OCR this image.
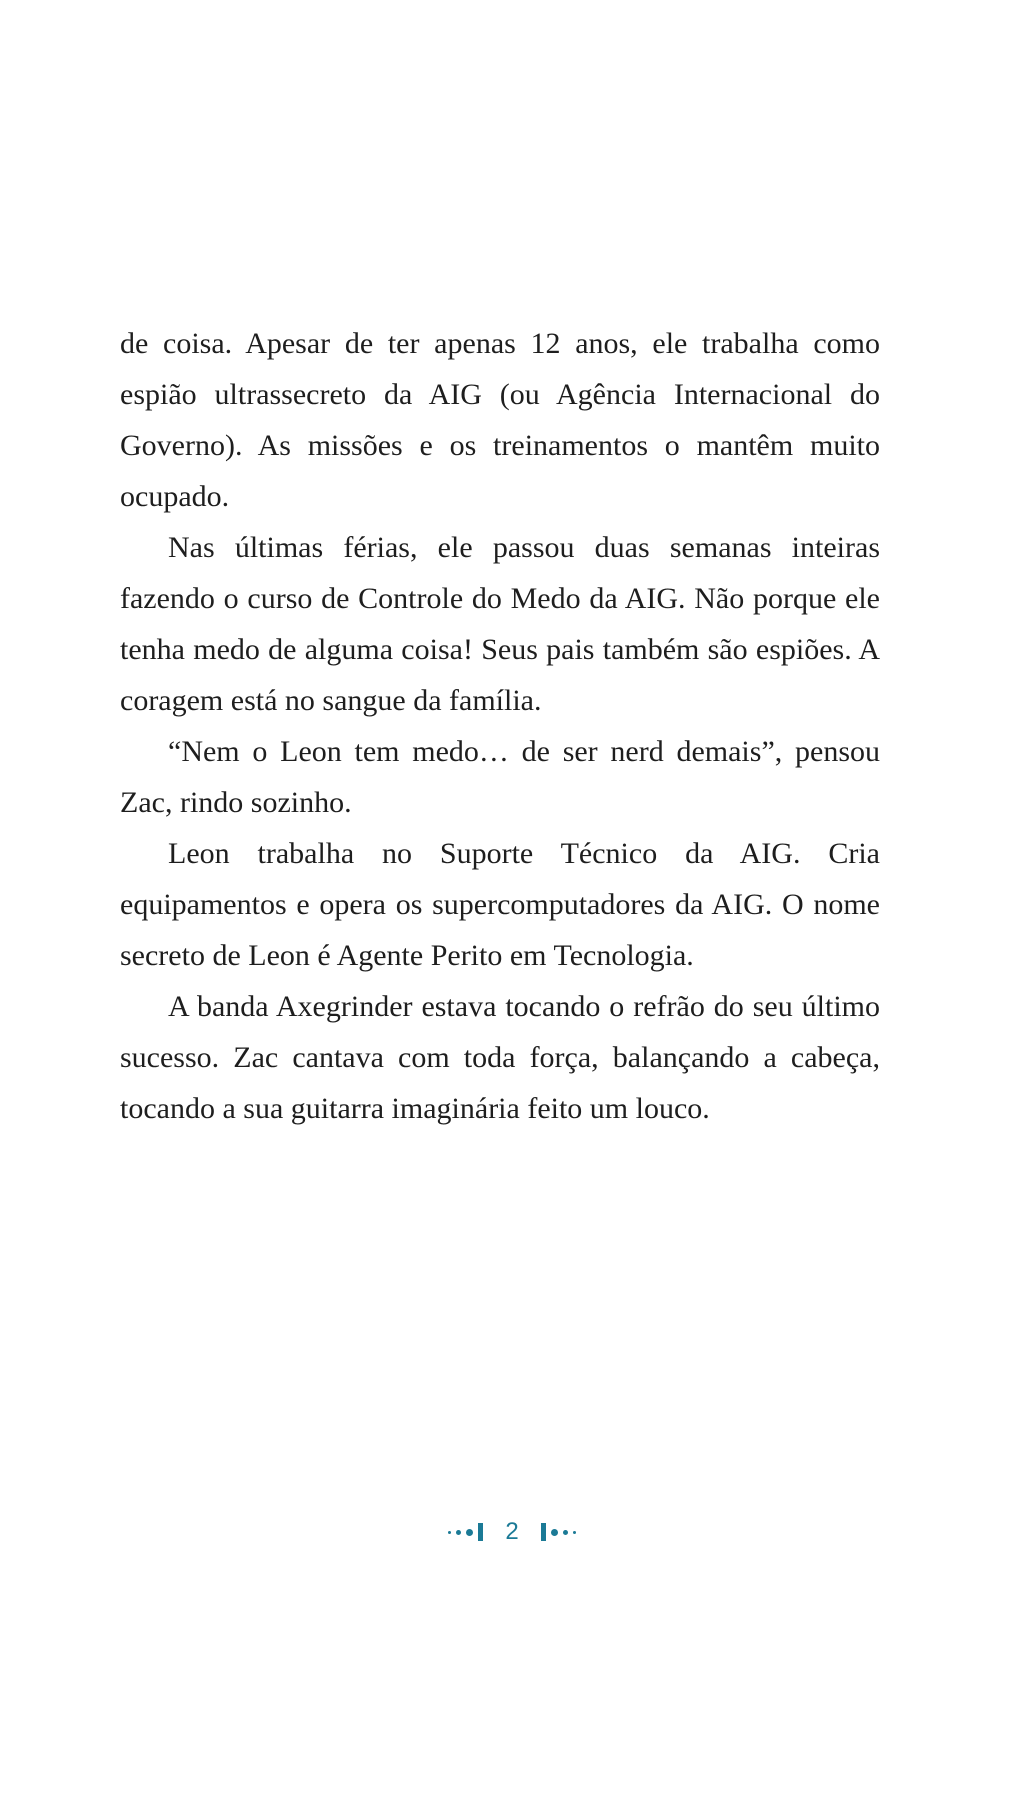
de coisa. Apesar de ter apenas 12 anos, ele trabalha como espião ultrassecreto da AIG (ou Agência Internacional do Governo). As missões e os treinamentos o mantêm muito ocupado.

Nas últimas férias, ele passou duas semanas inteiras fazendo o curso de Controle do Medo da AIG. Não porque ele tenha medo de alguma coisa! Seus pais também são espiões. A coragem está no sangue da família.

“Nem o Leon tem medo… de ser nerd demais”, pensou Zac, rindo sozinho.

Leon trabalha no Suporte Técnico da AIG. Cria equipamentos e opera os supercomputadores da AIG. O nome secreto de Leon é Agente Perito em Tecnologia.

A banda Axegrinder estava tocando o refrão do seu último sucesso. Zac cantava com toda força, balançando a cabeça, tocando a sua guitarra imaginária feito um louco.

2
